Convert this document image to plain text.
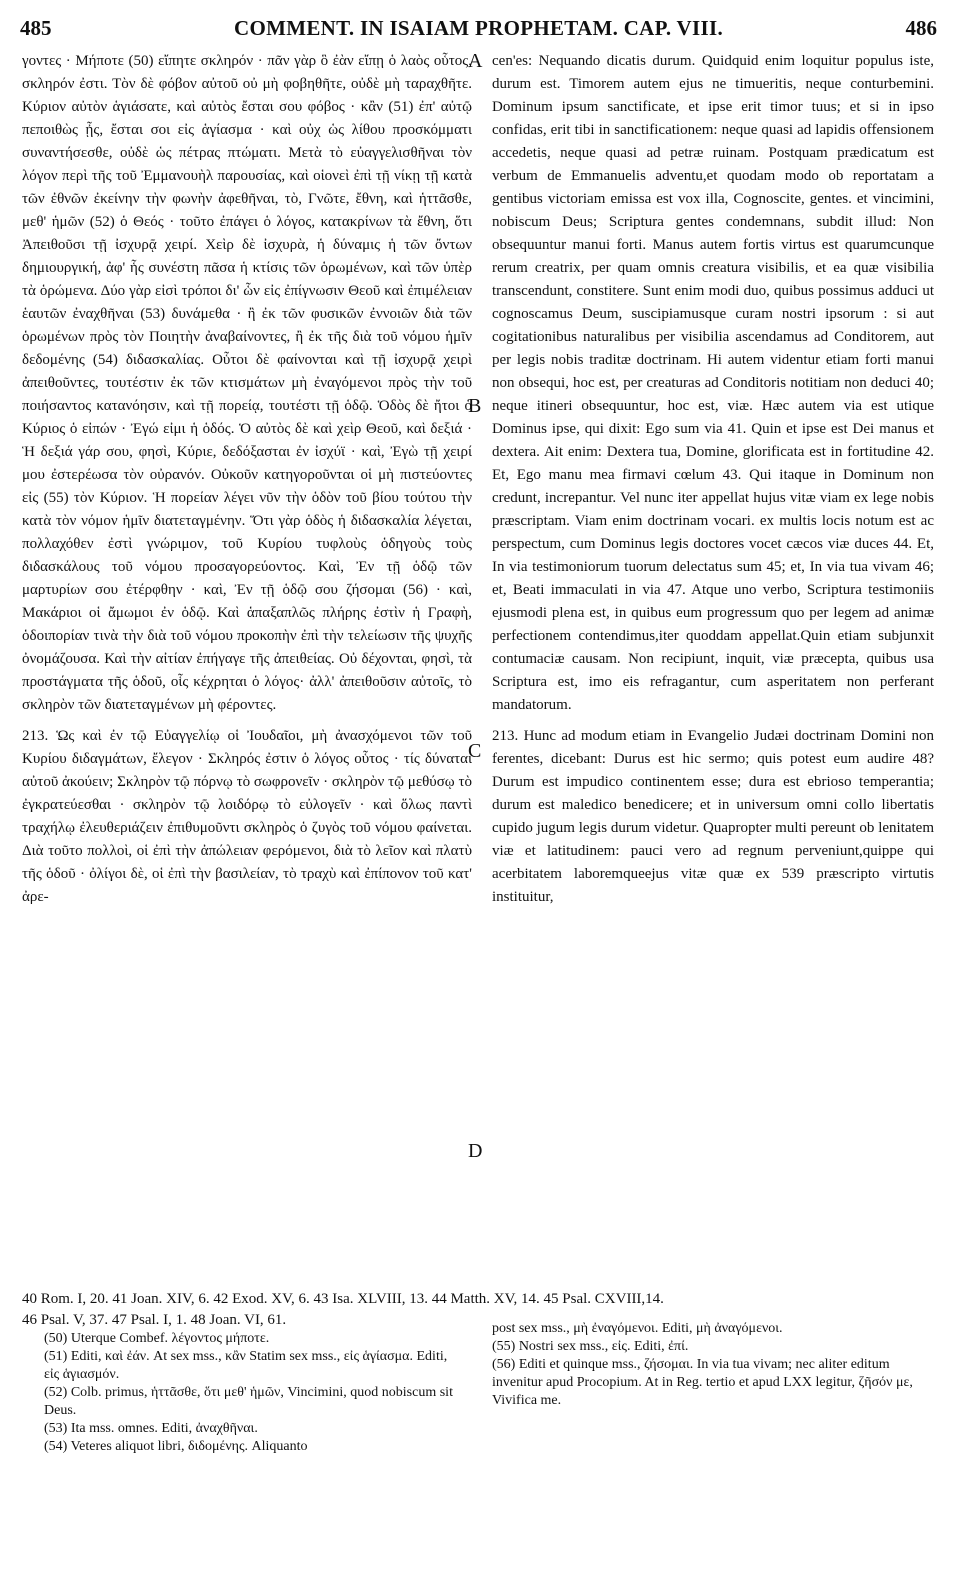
485	COMMENT. IN ISAIAM PROPHETAM. CAP. VIII.	486

γοντες · Μήποτε (50) εἴπητε σκληρόν · πᾶν γὰρ ὃ ἐὰν εἴπῃ ὁ λαὸς οὗτος, σκληρόν ἐστι. Τὸν δὲ φόβον αὐτοῦ οὐ μὴ φοβηθῆτε, οὐδὲ μὴ ταραχθῆτε. Κύριον αὐτὸν ἁγιάσατε, καὶ αὐτὸς ἔσται σου φόβος · κἂν (51) ἐπ' αὐτῷ πεποιθὼς ᾖς, ἔσται σοι εἰς ἁγίασμα · καὶ οὐχ ὡς λίθου προσκόμματι συναντήσεσθε, οὐδὲ ὡς πέτρας πτώματι. Μετὰ τὸ εὐαγγελισθῆναι τὸν λόγον περὶ τῆς τοῦ Ἐμμανουὴλ παρουσίας, καὶ οἱονεὶ ἐπὶ τῇ νίκῃ τῇ κατὰ τῶν ἐθνῶν ἐκείνην τὴν φωνὴν ἀφεθῆναι, τὸ, Γνῶτε, ἔθνη, καὶ ἡττᾶσθε, μεθ' ἡμῶν (52) ὁ Θεός · τοῦτο ἐπάγει ὁ λόγος, κατακρίνων τὰ ἔθνη, ὅτι Ἀπειθοῦσι τῇ ἰσχυρᾷ χειρί. Χεὶρ δὲ ἰσχυρὰ, ἡ δύναμις ἡ τῶν ὄντων δημιουργική, ἀφ' ἧς συνέστη πᾶσα ἡ κτίσις τῶν ὁρωμένων, καὶ τῶν ὑπὲρ τὰ ὁρώμενα. Δύο γὰρ εἰσὶ τρόποι δι' ὧν εἰς ἐπίγνωσιν Θεοῦ καὶ ἐπιμέλειαν ἑαυτῶν ἐναχθῆναι (53) δυνάμεθα · ἢ ἐκ τῶν φυσικῶν ἐννοιῶν διὰ τῶν ὁρωμένων πρὸς τὸν Ποιητὴν ἀναβαίνοντες, ἢ ἐκ τῆς διὰ τοῦ νόμου ἡμῖν δεδομένης (54) διδασκαλίας. Οὗτοι δὲ φαίνονται καὶ τῇ ἰσχυρᾷ χειρὶ ἀπειθοῦντες, τουτέστιν ἐκ τῶν κτισμάτων μὴ ἐναγόμενοι πρὸς τὴν τοῦ ποιήσαντος κατανόησιν, καὶ τῇ πορείᾳ, τουτέστι τῇ ὁδῷ. Ὁδὸς δὲ ἤτοι ὁ Κύριος ὁ εἰπών · Ἐγώ εἰμι ἡ ὁδός. Ὁ αὐτὸς δὲ καὶ χεὶρ Θεοῦ, καὶ δεξιά · Ἡ δεξιά γάρ σου, φησὶ, Κύριε, δεδόξασται ἐν ἰσχύϊ · καὶ, Ἐγὼ τῇ χειρί μου ἐστερέωσα τὸν οὐρανόν. Οὐκοῦν κατηγοροῦνται οἱ μὴ πιστεύοντες εἰς (55) τὸν Κύριον. Ἡ πορείαν λέγει νῦν τὴν ὁδὸν τοῦ βίου τούτου τὴν κατὰ τὸν νόμον ἡμῖν διατεταγμένην. Ὅτι γὰρ ὁδὸς ἡ διδασκαλία λέγεται, πολλαχόθεν ἐστὶ γνώριμον, τοῦ Κυρίου τυφλοὺς ὁδηγοὺς τοὺς διδασκάλους τοῦ νόμου προσαγορεύοντος. Καὶ, Ἐν τῇ ὁδῷ τῶν μαρτυρίων σου ἐτέρφθην · καὶ, Ἐν τῇ ὁδῷ σου ζήσομαι (56) · καὶ, Μακάριοι οἱ ἄμωμοι ἐν ὁδῷ. Καὶ ἁπαξαπλῶς πλήρης ἐστὶν ἡ Γραφὴ, ὁδοιπορίαν τινὰ τὴν διὰ τοῦ νόμου προκοπὴν ἐπὶ τὴν τελείωσιν τῆς ψυχῆς ὀνομάζουσα. Καὶ τὴν αἰτίαν ἐπήγαγε τῆς ἀπειθείας. Οὐ δέχονται, φησὶ, τὰ προστάγματα τῆς ὁδοῦ, οἷς κέχρηται ὁ λόγος· ἀλλ' ἀπειθοῦσιν αὐτοῖς, τὸ σκληρὸν τῶν διατεταγμένων μὴ φέροντες.

213. Ὡς καὶ ἐν τῷ Εὐαγγελίῳ οἱ Ἰουδαῖοι, μὴ ἀνασχόμενοι τῶν τοῦ Κυρίου διδαγμάτων, ἔλεγον · Σκληρός ἐστιν ὁ λόγος οὗτος · τίς δύναται αὐτοῦ ἀκούειν; Σκληρὸν τῷ πόρνῳ τὸ σωφρονεῖν · σκληρὸν τῷ μεθύσῳ τὸ ἐγκρατεύεσθαι · σκληρὸν τῷ λοιδόρῳ τὸ εὐλογεῖν · καὶ ὅλως παντὶ τραχήλῳ ἐλευθεριάζειν ἐπιθυμοῦντι σκληρὸς ὁ ζυγὸς τοῦ νόμου φαίνεται. Διὰ τοῦτο πολλοὶ, οἱ ἐπὶ τὴν ἀπώλειαν φερόμενοι, διὰ τὸ λεῖον καὶ πλατὺ τῆς ὁδοῦ · ὀλίγοι δὲ, οἱ ἐπὶ τὴν βασιλείαν, τὸ τραχὺ καὶ ἐπίπονον τοῦ κατ' ἀρε-

A
B
C
D

cen'es: Nequando dicatis durum. Quidquid enim loquitur populus iste, durum est. Timorem autem ejus ne timueritis, neque conturbemini. Dominum ipsum sanctificate, et ipse erit timor tuus; et si in ipso confidas, erit tibi in sanctificationem: neque quasi ad lapidis offensionem accedetis, neque quasi ad petræ ruinam. Postquam prædicatum est verbum de Emmanuelis adventu,et quodam modo ob reportatam a gentibus victoriam emissa est vox illa, Cognoscite, gentes. et vincimini, nobiscum Deus; Scriptura gentes condemnans, subdit illud: Non obsequuntur manui forti. Manus autem fortis virtus est quarumcunque rerum creatrix, per quam omnis creatura visibilis, et ea quæ visibilia transcendunt, constitere. Sunt enim modi duo, quibus possimus adduci ut cognoscamus Deum, suscipiamusque curam nostri ipsorum : si aut cogitationibus naturalibus per visibilia ascendamus ad Conditorem, aut per legis nobis traditæ doctrinam. Hi autem videntur etiam forti manui non obsequi, hoc est, per creaturas ad Conditoris notitiam non deduci 40; neque itineri obsequuntur, hoc est, viæ. Hæc autem via est utique Dominus ipse, qui dixit: Ego sum via 41. Quin et ipse est Dei manus et dextera. Ait enim: Dextera tua, Domine, glorificata est in fortitudine 42. Et, Ego manu mea firmavi cœlum 43. Qui itaque in Dominum non credunt, increpantur. Vel nunc iter appellat hujus vitæ viam ex lege nobis præscriptam. Viam enim doctrinam vocari. ex multis locis notum est ac perspectum, cum Dominus legis doctores vocet cæcos viæ duces 44. Et, In via testimoniorum tuorum delectatus sum 45; et, In via tua vivam 46; et, Beati immaculati in via 47. Atque uno verbo, Scriptura testimoniis ejusmodi plena est, in quibus eum progressum quo per legem ad animæ perfectionem contendimus,iter quoddam appellat.Quin etiam subjunxit contumaciæ causam. Non recipiunt, inquit, viæ præcepta, quibus usa Scriptura est, imo eis refragantur, cum asperitatem non perferant mandatorum.

213. Hunc ad modum etiam in Evangelio Judæi doctrinam Domini non ferentes, dicebant: Durus est hic sermo; quis potest eum audire 48? Durum est impudico continentem esse; dura est ebrioso temperantia; durum est maledico benedicere; et in universum omni collo libertatis cupido jugum legis durum videtur. Quapropter multi pereunt ob lenitatem viæ et latitudinem: pauci vero ad regnum perveniunt,quippe qui acerbitatem laboremqueejus vitæ quæ ex 539 præscripto virtutis instituitur,

40 Rom. I, 20. 41 Joan. XIV, 6. 42 Exod. XV, 6. 43 Isa. XLVIII, 13. 44 Matth. XV, 14. 45 Psal. CXVIII,14.
46 Psal. V, 37. 47 Psal. I, 1. 48 Joan. VI, 61.

(50) Uterque Combef. λέγοντος μήποτε.

(51) Editi, καὶ ἐάν. At sex mss., κἂν Statim sex mss., εἰς ἁγίασμα. Editi, εἰς ἁγιασμόν.

(52) Colb. primus, ἡττᾶσθε, ὅτι μεθ' ἡμῶν, Vincimini, quod nobiscum sit Deus.

(53) Ita mss. omnes. Editi, ἀναχθῆναι.

(54) Veteres aliquot libri, διδομένης. Aliquanto

post sex mss., μὴ ἐναγόμενοι. Editi, μὴ ἀναγόμενοι.

(55) Nostri sex mss., εἰς. Editi, ἐπί.

(56) Editi et quinque mss., ζήσομαι. In via tua vivam; nec aliter editum invenitur apud Procopium. At in Reg. tertio et apud LXX legitur, ζῆσόν με, Vivifica me.
